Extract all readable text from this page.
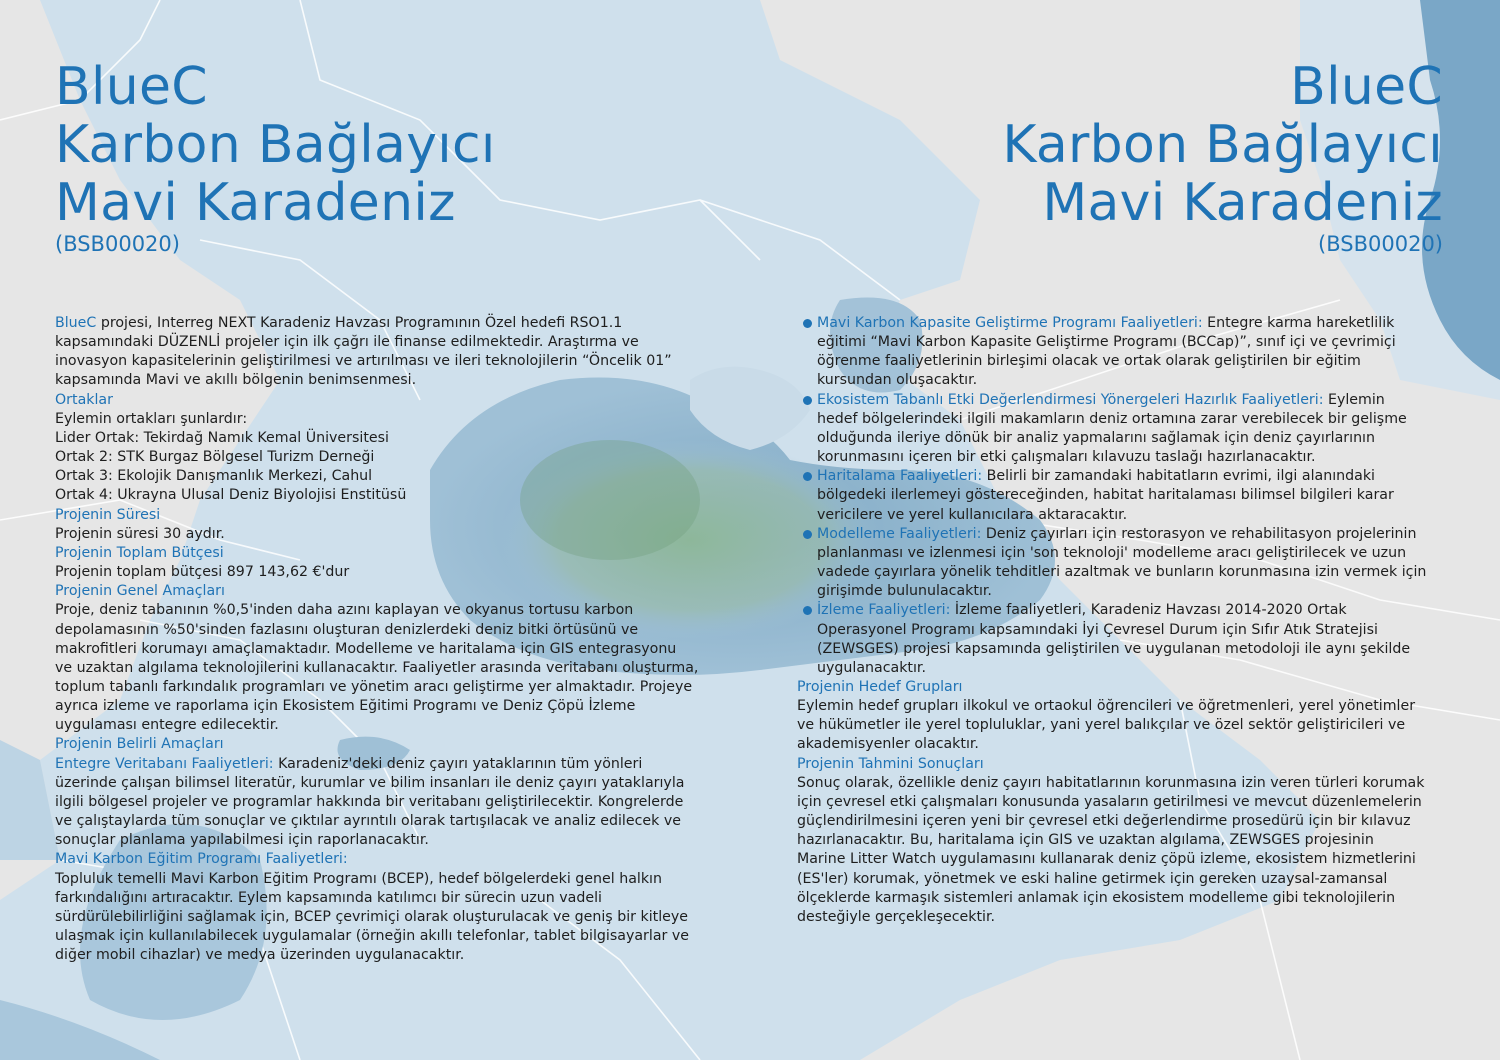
BlueC
Karbon Bağlayıcı
Mavi Karadeniz
(BSB00020)
BlueC projesi, Interreg NEXT Karadeniz Havzası Programının Özel hedefi RSO1.1
kapsamındaki DÜZENLİ projeler için ilk çağrı ile finanse edilmektedir. Araştırma ve
inovasyon kapasitelerinin geliştirilmesi ve artırılması ve ileri teknolojilerin “Öncelik 01”
kapsamında Mavi ve akıllı bölgenin benimsenmesi.
Ortaklar
Eylemin ortakları şunlardır:
Lider Ortak: Tekirdağ Namık Kemal Üniversitesi
Ortak 2: STK Burgaz Bölgesel Turizm Derneği
Ortak 3: Ekolojik Danışmanlık Merkezi, Cahul
Ortak 4: Ukrayna Ulusal Deniz Biyolojisi Enstitüsü
Projenin Süresi
Projenin süresi 30 aydır.
Projenin Toplam Bütçesi
Projenin toplam bütçesi 897 143,62 €'dur
Projenin Genel Amaçları
Proje, deniz tabanının %0,5'inden daha azını kaplayan ve okyanus tortusu karbon
depolamasının %50'sinden fazlasını oluşturan denizlerdeki deniz bitki örtüsünü ve
makrofitleri korumayı amaçlamaktadır. Modelleme ve haritalama için GIS entegrasyonu
ve uzaktan algılama teknolojilerini kullanacaktır. Faaliyetler arasında veritabanı oluşturma,
toplum tabanlı farkındalık programları ve yönetim aracı geliştirme yer almaktadır. Projeye
ayrıca izleme ve raporlama için Ekosistem Eğitimi Programı ve Deniz Çöpü İzleme
uygulaması entegre edilecektir.
Projenin Belirli Amaçları
Entegre Veritabanı Faaliyetleri: Karadeniz'deki deniz çayırı yataklarının tüm yönleri
üzerinde çalışan bilimsel literatür, kurumlar ve bilim insanları ile deniz çayırı yataklarıyla
ilgili bölgesel projeler ve programlar hakkında bir veritabanı geliştirilecektir. Kongrelerde
ve çalıştaylarda tüm sonuçlar ve çıktılar ayrıntılı olarak tartışılacak ve analiz edilecek ve
sonuçlar planlama yapılabilmesi için raporlanacaktır.
Mavi Karbon Eğitim Programı Faaliyetleri:
Topluluk temelli Mavi Karbon Eğitim Programı (BCEP), hedef bölgelerdeki genel halkın
farkındalığını artıracaktır. Eylem kapsamında katılımcı bir sürecin uzun vadeli
sürdürülebilirliğini sağlamak için, BCEP çevrimiçi olarak oluşturulacak ve geniş bir kitleye
ulaşmak için kullanılabilecek uygulamalar (örneğin akıllı telefonlar, tablet bilgisayarlar ve
diğer mobil cihazlar) ve medya üzerinden uygulanacaktır.
BlueC
Karbon Bağlayıcı
Mavi Karadeniz
(BSB00020)
Mavi Karbon Kapasite Geliştirme Programı Faaliyetleri: Entegre karma hareketlilik
eğitimi “Mavi Karbon Kapasite Geliştirme Programı (BCCap)”, sınıf içi ve çevrimiçi
öğrenme faaliyetlerinin birleşimi olacak ve ortak olarak geliştirilen bir eğitim
kursundan oluşacaktır.
Ekosistem Tabanlı Etki Değerlendirmesi Yönergeleri Hazırlık Faaliyetleri: Eylemin
hedef bölgelerindeki ilgili makamların deniz ortamına zarar verebilecek bir gelişme
olduğunda ileriye dönük bir analiz yapmalarını sağlamak için deniz çayırlarının
korunmasını içeren bir etki çalışmaları kılavuzu taslağı hazırlanacaktır.
Haritalama Faaliyetleri: Belirli bir zamandaki habitatların evrimi, ilgi alanındaki
bölgedeki ilerlemeyi göstereceğinden, habitat haritalaması bilimsel bilgileri karar
vericilere ve yerel kullanıcılara aktaracaktır.
Modelleme Faaliyetleri: Deniz çayırları için restorasyon ve rehabilitasyon projelerinin
planlanması ve izlenmesi için 'son teknoloji' modelleme aracı geliştirilecek ve uzun
vadede çayırlara yönelik tehditleri azaltmak ve bunların korunmasına izin vermek için
girişimde bulunulacaktır.
İzleme Faaliyetleri: İzleme faaliyetleri, Karadeniz Havzası 2014-2020 Ortak
Operasyonel Programı kapsamındaki İyi Çevresel Durum için Sıfır Atık Stratejisi
(ZEWSGES) projesi kapsamında geliştirilen ve uygulanan metodoloji ile aynı şekilde
uygulanacaktır.
Projenin Hedef Grupları
Eylemin hedef grupları ilkokul ve ortaokul öğrencileri ve öğretmenleri, yerel yönetimler
ve hükümetler ile yerel topluluklar, yani yerel balıkçılar ve özel sektör geliştiricileri ve
akademisyenler olacaktır.
Projenin Tahmini Sonuçları
Sonuç olarak, özellikle deniz çayırı habitatlarının korunmasına izin veren türleri korumak
için çevresel etki çalışmaları konusunda yasaların getirilmesi ve mevcut düzenlemelerin
güçlendirilmesini içeren yeni bir çevresel etki değerlendirme prosedürü için bir kılavuz
hazırlanacaktır. Bu, haritalama için GIS ve uzaktan algılama, ZEWSGES projesinin
Marine Litter Watch uygulamasını kullanarak deniz çöpü izleme, ekosistem hizmetlerini
(ES'ler) korumak, yönetmek ve eski haline getirmek için gereken uzaysal-zamansal
ölçeklerde karmaşık sistemleri anlamak için ekosistem modelleme gibi teknolojilerin
desteğiyle gerçekleşecektir.
